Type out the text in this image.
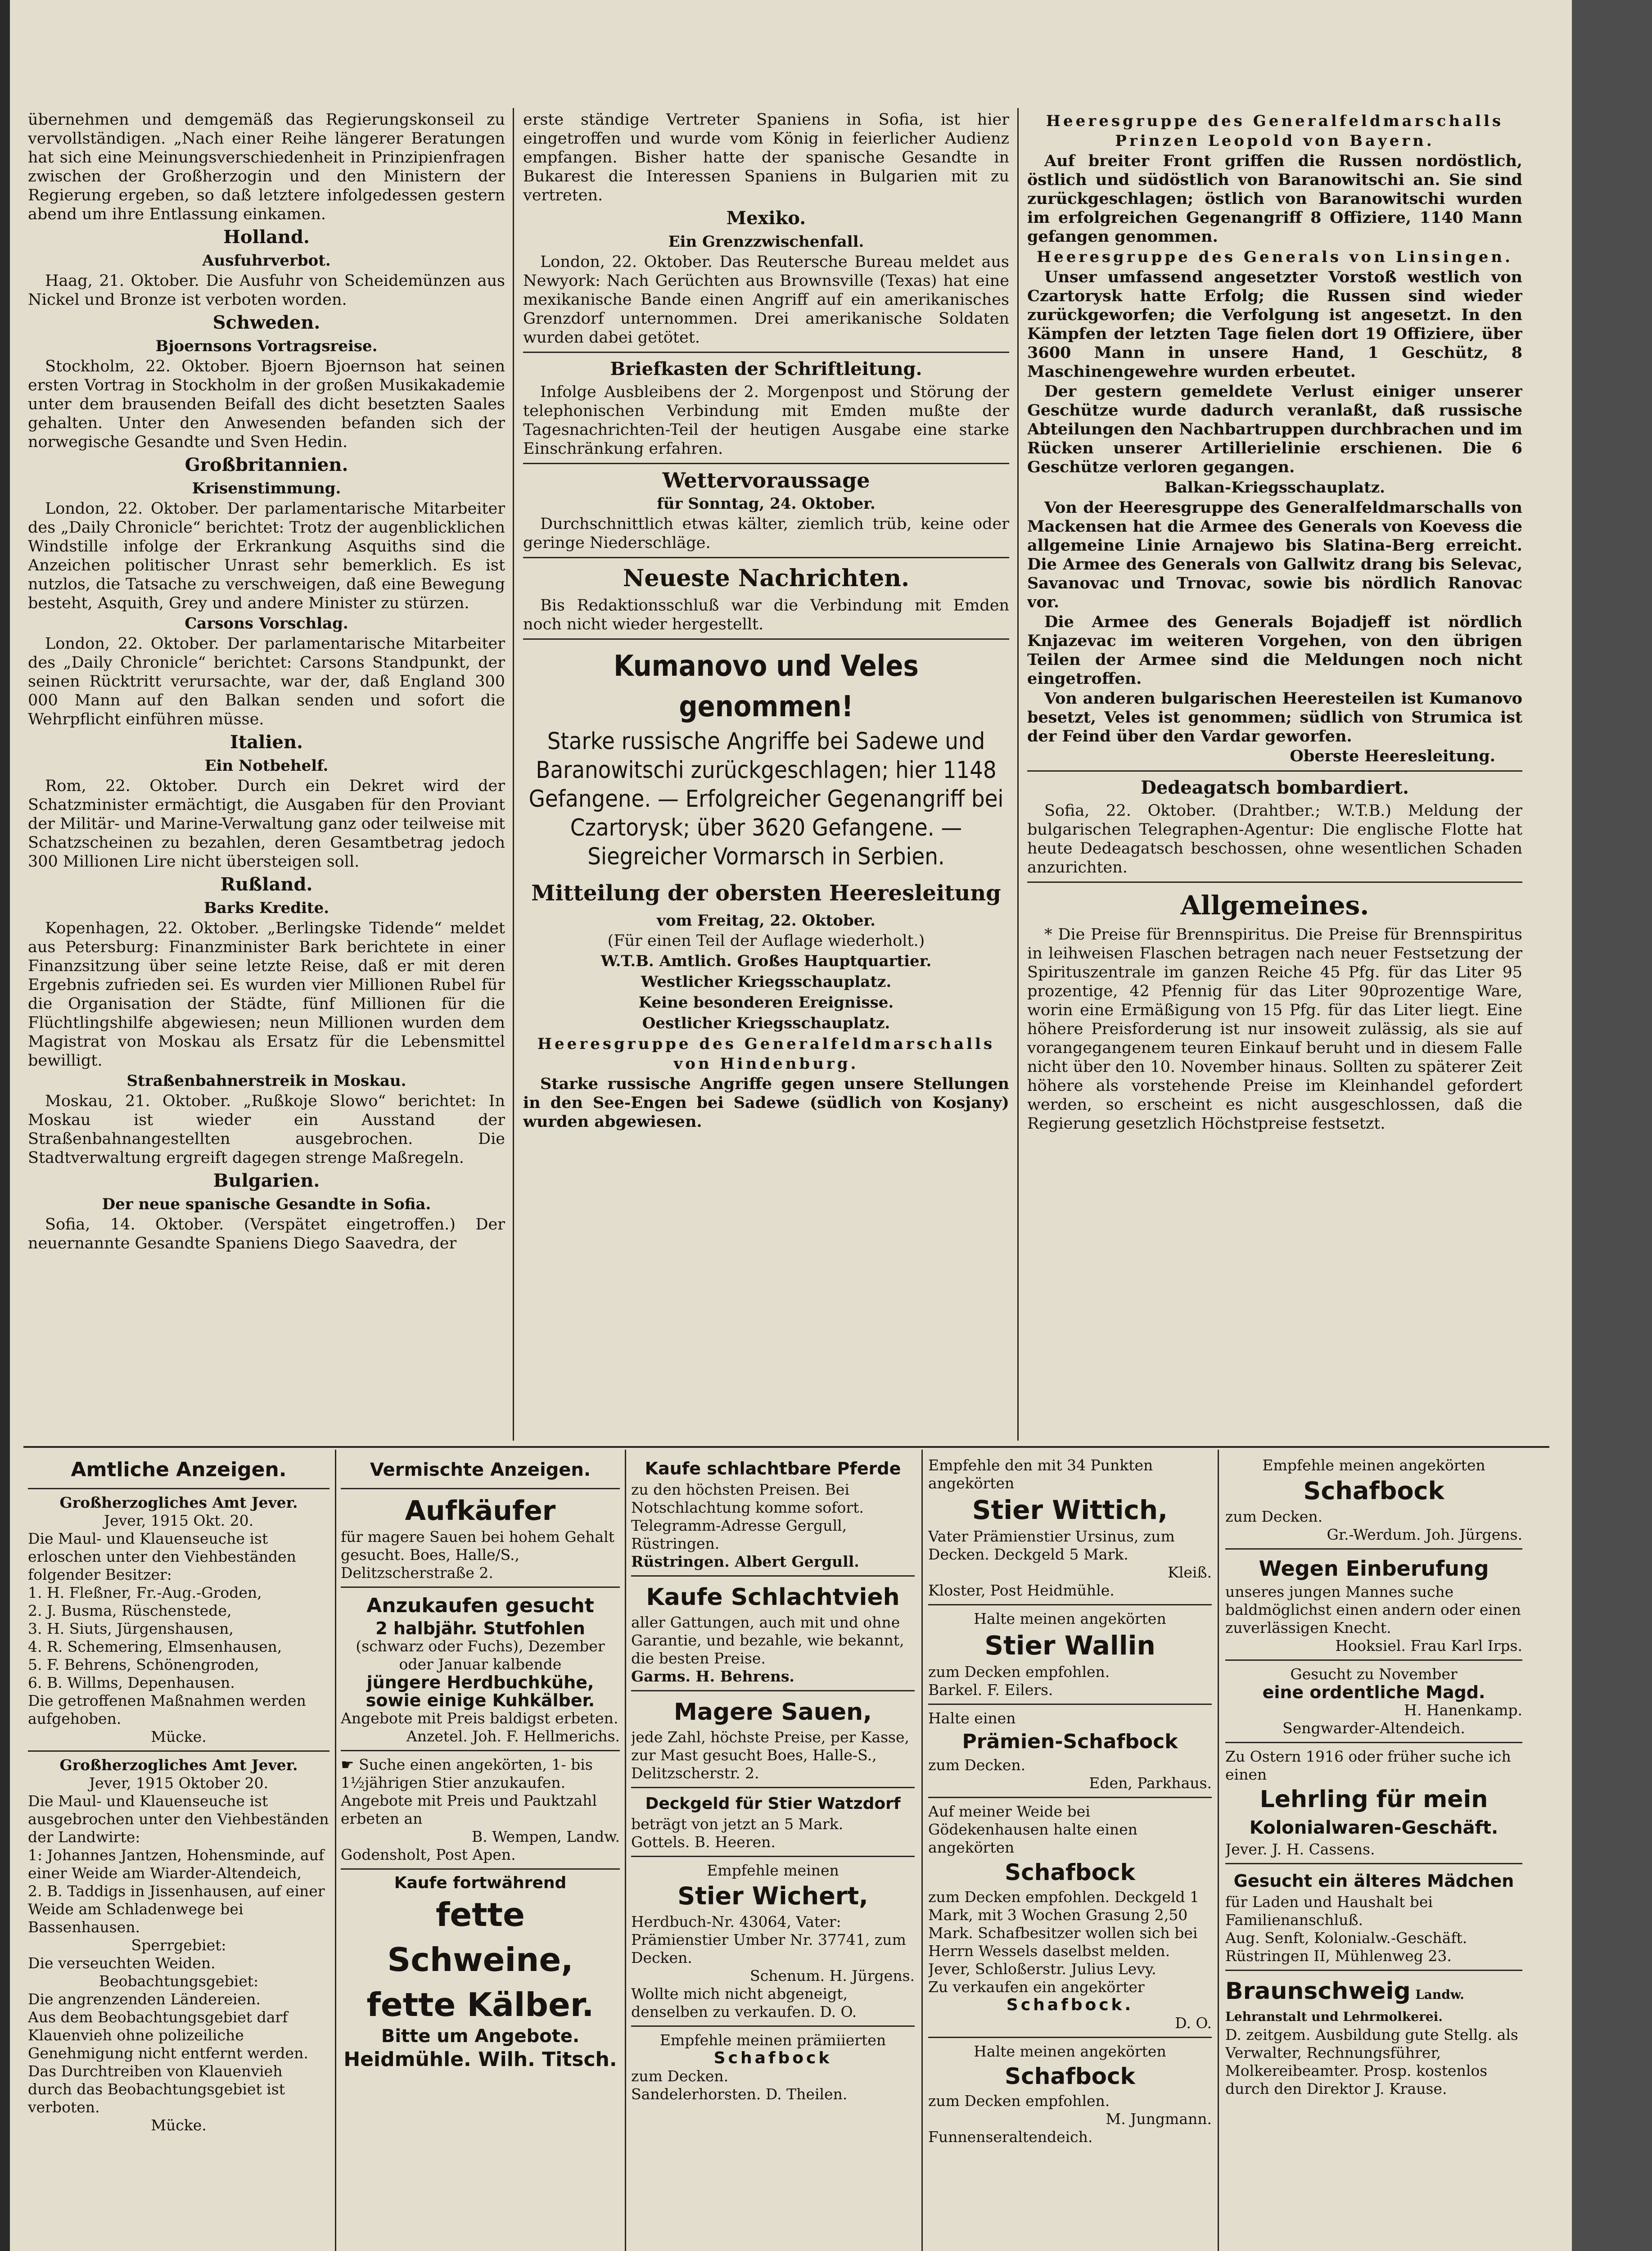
übernehmen und demgemäß das Regierungskonseil zu vervollständigen. „Nach einer Reihe längerer Beratungen hat sich eine Meinungsverschiedenheit in Prinzipienfragen zwischen der Großherzogin und den Ministern der Regierung ergeben, so daß letztere infolgedessen gestern abend um ihre Entlassung einkamen.

Holland.
Ausfuhrverbot.

Haag, 21. Oktober. Die Ausfuhr von Scheidemünzen aus Nickel und Bronze ist verboten worden.

Schweden.
Bjoernsons Vortragsreise.

Stockholm, 22. Oktober. Bjoern Bjoernson hat seinen ersten Vortrag in Stockholm in der großen Musikakademie unter dem brausenden Beifall des dicht besetzten Saales gehalten. Unter den Anwesenden befanden sich der norwegische Gesandte und Sven Hedin.

Großbritannien.
Krisenstimmung.

London, 22. Oktober. Der parlamentarische Mitarbeiter des „Daily Chronicle“ berichtet: Trotz der augenblicklichen Windstille infolge der Erkrankung Asquiths sind die Anzeichen politischer Unrast sehr bemerklich. Es ist nutzlos, die Tatsache zu verschweigen, daß eine Bewegung besteht, Asquith, Grey und andere Minister zu stürzen.

Carsons Vorschlag.

London, 22. Oktober. Der parlamentarische Mitarbeiter des „Daily Chronicle“ berichtet: Carsons Standpunkt, der seinen Rücktritt verursachte, war der, daß England 300 000 Mann auf den Balkan senden und sofort die Wehrpflicht einführen müsse.

Italien.
Ein Notbehelf.

Rom, 22. Oktober. Durch ein Dekret wird der Schatzminister ermächtigt, die Ausgaben für den Proviant der Militär- und Marine-Verwaltung ganz oder teilweise mit Schatzscheinen zu bezahlen, deren Gesamtbetrag jedoch 300 Millionen Lire nicht übersteigen soll.

Rußland.
Barks Kredite.

Kopenhagen, 22. Oktober. „Berlingske Tidende“ meldet aus Petersburg: Finanzminister Bark berichtete in einer Finanzsitzung über seine letzte Reise, daß er mit deren Ergebnis zufrieden sei. Es wurden vier Millionen Rubel für die Organisation der Städte, fünf Millionen für die Flüchtlingshilfe abgewiesen; neun Millionen wurden dem Magistrat von Moskau als Ersatz für die Lebensmittel bewilligt.

Straßenbahnerstreik in Moskau.

Moskau, 21. Oktober. „Rußkoje Slowo“ berichtet: In Moskau ist wieder ein Ausstand der Straßenbahnangestellten ausgebrochen. Die Stadtverwaltung ergreift dagegen strenge Maßregeln.

Bulgarien.
Der neue spanische Gesandte in Sofia.

Sofia, 14. Oktober. (Verspätet eingetroffen.) Der neuernannte Gesandte Spaniens Diego Saavedra, der

erste ständige Vertreter Spaniens in Sofia, ist hier eingetroffen und wurde vom König in feierlicher Audienz empfangen. Bisher hatte der spanische Gesandte in Bukarest die Interessen Spaniens in Bulgarien mit zu vertreten.

Mexiko.
Ein Grenzzwischenfall.

London, 22. Oktober. Das Reutersche Bureau meldet aus Newyork: Nach Gerüchten aus Brownsville (Texas) hat eine mexikanische Bande einen Angriff auf ein amerikanisches Grenzdorf unternommen. Drei amerikanische Soldaten wurden dabei getötet.

Briefkasten der Schriftleitung.

Infolge Ausbleibens der 2. Morgenpost und Störung der telephonischen Verbindung mit Emden mußte der Tagesnachrichten-Teil der heutigen Ausgabe eine starke Einschränkung erfahren.

Wettervoraussage
für Sonntag, 24. Oktober.

Durchschnittlich etwas kälter, ziemlich trüb, keine oder geringe Niederschläge.

Neueste Nachrichten.

Bis Redaktionsschluß war die Verbindung mit Emden noch nicht wieder hergestellt.

Kumanovo und Veles genommen!
Starke russische Angriffe bei Sadewe und Baranowitschi zurückgeschlagen; hier 1148 Gefangene. — Erfolgreicher Gegenangriff bei Czartorysk; über 3620 Gefangene. — Siegreicher Vormarsch in Serbien.
Mitteilung der obersten Heeresleitung
vom Freitag, 22. Oktober.
(Für einen Teil der Auflage wiederholt.)
W.T.B. Amtlich. Großes Hauptquartier.
Westlicher Kriegsschauplatz.
Keine besonderen Ereignisse.
Oestlicher Kriegsschauplatz.
Heeresgruppe des Generalfeldmarschalls von Hindenburg.

Starke russische Angriffe gegen unsere Stellungen in den See-Engen bei Sadewe (südlich von Kosjany) wurden abgewiesen.

Heeresgruppe des Generalfeldmarschalls Prinzen Leopold von Bayern.

Auf breiter Front griffen die Russen nordöstlich, östlich und südöstlich von Baranowitschi an. Sie sind zurückgeschlagen; östlich von Baranowitschi wurden im erfolgreichen Gegenangriff 8 Offiziere, 1140 Mann gefangen genommen.

Heeresgruppe des Generals von Linsingen.

Unser umfassend angesetzter Vorstoß westlich von Czartorysk hatte Erfolg; die Russen sind wieder zurückgeworfen; die Verfolgung ist angesetzt. In den Kämpfen der letzten Tage fielen dort 19 Offiziere, über 3600 Mann in unsere Hand, 1 Geschütz, 8 Maschinengewehre wurden erbeutet.

Der gestern gemeldete Verlust einiger unserer Geschütze wurde dadurch veranlaßt, daß russische Abteilungen den Nachbartruppen durchbrachen und im Rücken unserer Artillerielinie erschienen. Die 6 Geschütze verloren gegangen.

Balkan-Kriegsschauplatz.

Von der Heeresgruppe des Generalfeldmarschalls von Mackensen hat die Armee des Generals von Koevess die allgemeine Linie Arnajewo bis Slatina-Berg erreicht. Die Armee des Generals von Gallwitz drang bis Selevac, Savanovac und Trnovac, sowie bis nördlich Ranovac vor.

Die Armee des Generals Bojadjeff ist nördlich Knjazevac im weiteren Vorgehen, von den übrigen Teilen der Armee sind die Meldungen noch nicht eingetroffen.

Von anderen bulgarischen Heeresteilen ist Kumanovo besetzt, Veles ist genommen; südlich von Strumica ist der Feind über den Vardar geworfen.

Oberste Heeresleitung.
Dedeagatsch bombardiert.

Sofia, 22. Oktober. (Drahtber.; W.T.B.) Meldung der bulgarischen Telegraphen-Agentur: Die englische Flotte hat heute Dedeagatsch beschossen, ohne wesentlichen Schaden anzurichten.

Allgemeines.

* Die Preise für Brennspiritus. Die Preise für Brennspiritus in leihweisen Flaschen betragen nach neuer Festsetzung der Spirituszentrale im ganzen Reiche 45 Pfg. für das Liter 95 prozentige, 42 Pfennig für das Liter 90prozentige Ware, worin eine Ermäßigung von 15 Pfg. für das Liter liegt. Eine höhere Preisforderung ist nur insoweit zulässig, als sie auf vorangegangenem teuren Einkauf beruht und in diesem Falle nicht über den 10. November hinaus. Sollten zu späterer Zeit höhere als vorstehende Preise im Kleinhandel gefordert werden, so erscheint es nicht ausgeschlossen, daß die Regierung gesetzlich Höchstpreise festsetzt.

Amtliche Anzeigen.
Großherzogliches Amt Jever.

Jever, 1915 Okt. 20.

Die Maul- und Klauenseuche ist erloschen unter den Viehbeständen folgender Besitzer:

1. H. Fleßner, Fr.-Aug.-Groden,

2. J. Busma, Rüschenstede,

3. H. Siuts, Jürgenshausen,

4. R. Schemering, Elmsenhausen,

5. F. Behrens, Schönengroden,

6. B. Willms, Depenhausen.

Die getroffenen Maßnahmen werden aufgehoben.

Mücke.

Großherzogliches Amt Jever.

Jever, 1915 Oktober 20.

Die Maul- und Klauenseuche ist ausgebrochen unter den Viehbeständen der Landwirte:

1: Johannes Jantzen, Hohensminde, auf einer Weide am Wiarder-Altendeich,

2. B. Taddigs in Jissenhausen, auf einer Weide am Schladenwege bei Bassenhausen.

Sperrgebiet:

Die verseuchten Weiden.

Beobachtungsgebiet:

Die angrenzenden Ländereien.

Aus dem Beobachtungsgebiet darf Klauenvieh ohne polizeiliche Genehmigung nicht entfernt werden.

Das Durchtreiben von Klauenvieh durch das Beobachtungsgebiet ist verboten.

Mücke.

Vermischte Anzeigen.
Aufkäufer

für magere Sauen bei hohem Gehalt gesucht. Boes, Halle/S., Delitzscherstraße 2.

Anzukaufen gesucht
2 halbjähr. Stutfohlen

(schwarz oder Fuchs), Dezember oder Januar kalbende

jüngere Herdbuchkühe,
sowie einige Kuhkälber.

Angebote mit Preis baldigst erbeten.

Anzetel. Joh. F. Hellmerichs.

☛ Suche einen angekörten, 1- bis 1½jährigen Stier anzukaufen. Angebote mit Preis und Pauktzahl erbeten an

B. Wempen, Landw.

Godensholt, Post Apen.

Kaufe fortwährend
fette Schweine,
fette Kälber.
Bitte um Angebote.
Heidmühle. Wilh. Titsch.
Kaufe schlachtbare Pferde

zu den höchsten Preisen. Bei Notschlachtung komme sofort. Telegramm-Adresse Gergull, Rüstringen.

Rüstringen. Albert Gergull.

Kaufe Schlachtvieh

aller Gattungen, auch mit und ohne Garantie, und bezahle, wie bekannt, die besten Preise.

Garms. H. Behrens.

Magere Sauen,

jede Zahl, höchste Preise, per Kasse, zur Mast gesucht Boes, Halle-S., Delitzscherstr. 2.

Deckgeld für Stier Watzdorf

beträgt von jetzt an 5 Mark.

Gottels. B. Heeren.

Empfehle meinen

Stier Wichert,

Herdbuch-Nr. 43064, Vater: Prämienstier Umber Nr. 37741, zum Decken.

Schenum. H. Jürgens.

Wollte mich nicht abgeneigt, denselben zu verkaufen. D. O.

Empfehle meinen prämiierten

Schafbock

zum Decken.

Sandelerhorsten. D. Theilen.

Empfehle den mit 34 Punkten angekörten

Stier Wittich,

Vater Prämienstier Ursinus, zum Decken. Deckgeld 5 Mark.

Kleiß.

Kloster, Post Heidmühle.

Halte meinen angekörten

Stier Wallin

zum Decken empfohlen.

Barkel. F. Eilers.

Halte einen

Prämien-Schafbock

zum Decken.

Eden, Parkhaus.

Auf meiner Weide bei Gödekenhausen halte einen angekörten

Schafbock

zum Decken empfohlen. Deckgeld 1 Mark, mit 3 Wochen Grasung 2,50 Mark. Schafbesitzer wollen sich bei Herrn Wessels daselbst melden.

Jever, Schloßerstr. Julius Levy.

Zu verkaufen ein angekörter

Schafbock.

D. O.

Halte meinen angekörten

Schafbock

zum Decken empfohlen.

M. Jungmann.

Funnenseraltendeich.

Empfehle meinen angekörten

Schafbock

zum Decken.

Gr.-Werdum. Joh. Jürgens.

Wegen Einberufung

unseres jungen Mannes suche baldmöglichst einen andern oder einen zuverlässigen Knecht.

Hooksiel. Frau Karl Irps.

Gesucht zu November

eine ordentliche Magd.

H. Hanenkamp.

Sengwarder-Altendeich.

Zu Ostern 1916 oder früher suche ich einen

Lehrling für mein
Kolonialwaren-Geschäft.

Jever. J. H. Cassens.

Gesucht ein älteres Mädchen

für Laden und Haushalt bei Familienanschluß.

Aug. Senft, Kolonialw.-Geschäft. Rüstringen II, Mühlenweg 23.

Braunschweig Landw. Lehranstalt und Lehrmolkerei.

D. zeitgem. Ausbildung gute Stellg. als Verwalter, Rechnungsführer, Molkereibeamter. Prosp. kostenlos durch den Direktor J. Krause.
